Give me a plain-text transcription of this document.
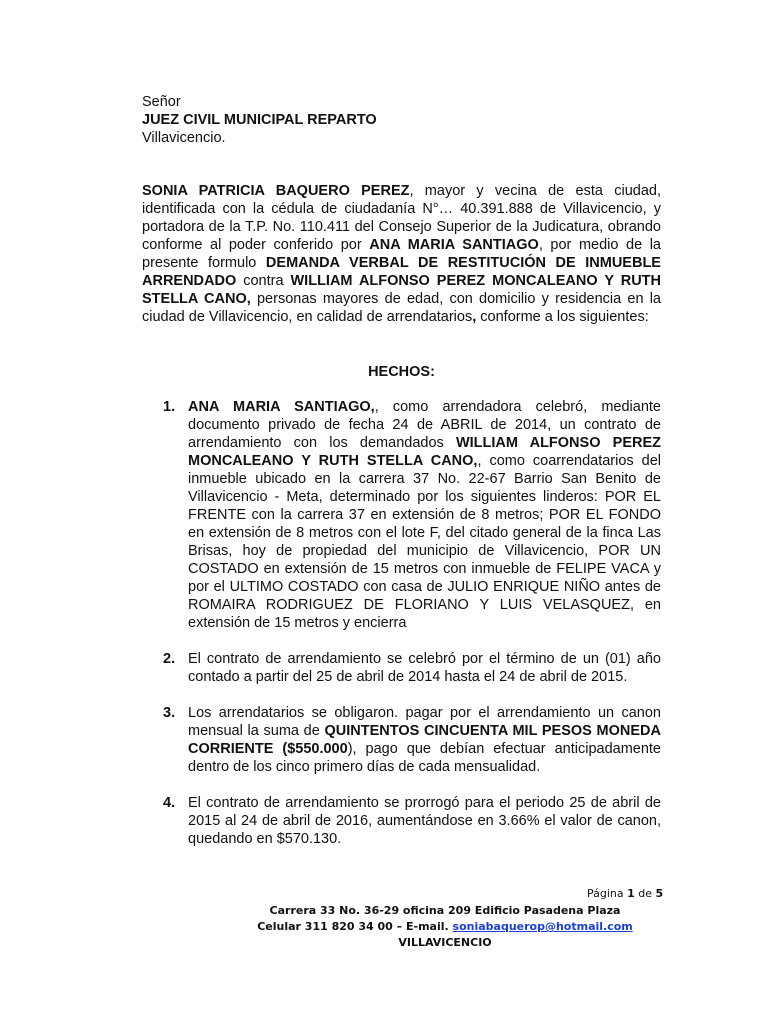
Señor
JUEZ CIVIL MUNICIPAL REPARTO
Villavicencio.

SONIA PATRICIA BAQUERO PEREZ, mayor y vecina de esta ciudad, identificada con la cédula de ciudadanía N°… 40.391.888 de Villavicencio, y portadora de la T.P. No. 110.411 del Consejo Superior de la Judicatura, obrando conforme al poder conferido por ANA MARIA SANTIAGO, por medio de la presente formulo DEMANDA VERBAL DE RESTITUCIÓN DE INMUEBLE ARRENDADO contra WILLIAM ALFONSO PEREZ MONCALEANO Y RUTH STELLA CANO, personas mayores de edad, con domicilio y residencia en la ciudad de Villavicencio, en calidad de arrendatarios, conforme a los siguientes:

HECHOS:
1. ANA MARIA SANTIAGO,, como arrendadora celebró, mediante documento privado de fecha 24 de ABRIL de 2014, un contrato de arrendamiento con los demandados WILLIAM ALFONSO PEREZ MONCALEANO Y RUTH STELLA CANO,, como coarrendatarios del inmueble ubicado en la carrera 37 No. 22-67 Barrio San Benito de Villavicencio - Meta, determinado por los siguientes linderos: POR EL FRENTE con la carrera 37 en extensión de 8 metros; POR EL FONDO en extensión de 8 metros con el lote F, del citado general de la finca Las Brisas, hoy de propiedad del municipio de Villavicencio, POR UN COSTADO en extensión de 15 metros con inmueble de FELIPE VACA y por el ULTIMO COSTADO con casa de JULIO ENRIQUE NIÑO antes de ROMAIRA RODRIGUEZ DE FLORIANO Y LUIS VELASQUEZ, en extensión de 15 metros y encierra

2. El contrato de arrendamiento se celebró por el término de un (01) año contado a partir del 25 de abril de 2014 hasta el 24 de abril de 2015.

3. Los arrendatarios se obligaron. pagar por el arrendamiento un canon mensual la suma de QUINTENTOS CINCUENTA MIL PESOS MONEDA CORRIENTE ($550.000), pago que debían efectuar anticipadamente dentro de los cinco primero días de cada mensualidad.

4. El contrato de arrendamiento se prorrogó para el periodo 25 de abril de 2015 al 24 de abril de 2016, aumentándose en 3.66% el valor de canon, quedando en $570.130.

Página 1 de 5
Carrera 33 No. 36-29 oficina 209 Edificio Pasadena Plaza
Celular 311 820 34 00 – E-mail. soniabaquerop@hotmail.com
VILLAVICENCIO
